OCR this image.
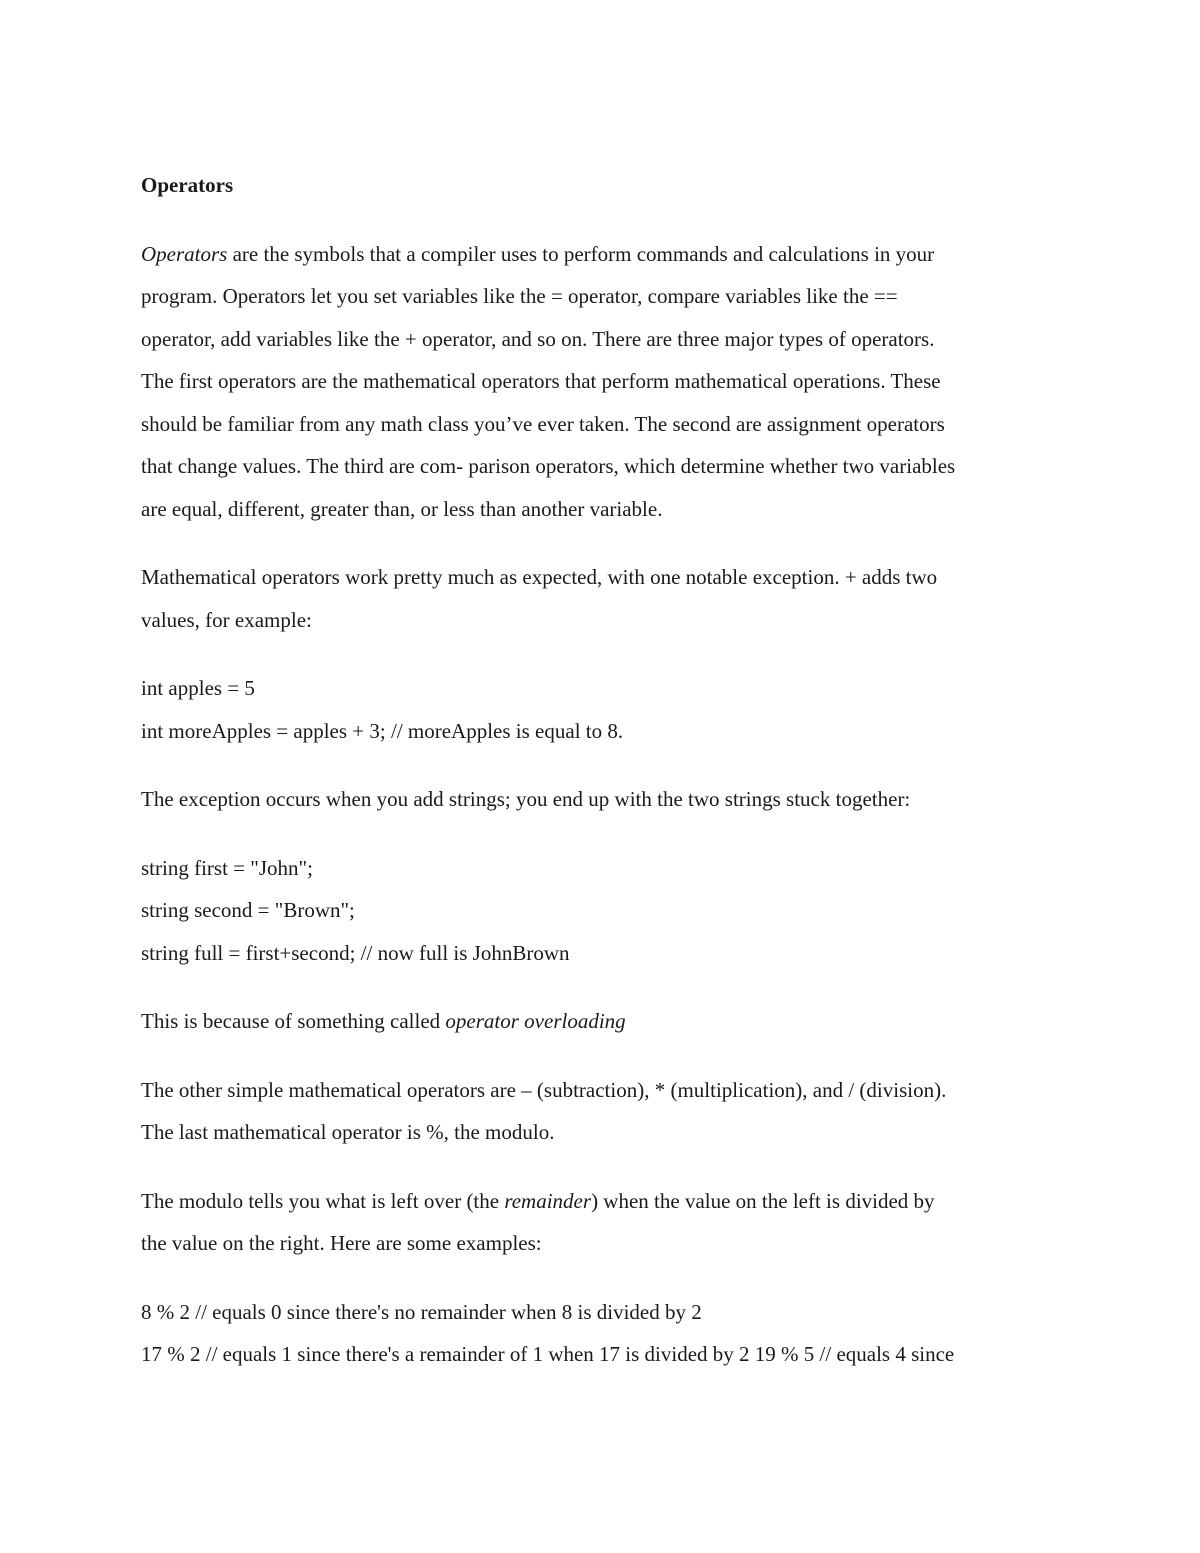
Operators

Operators are the symbols that a compiler uses to perform commands and calculations in your
program. Operators let you set variables like the = operator, compare variables like the ==
operator, add variables like the + operator, and so on. There are three major types of operators.
The first operators are the mathematical operators that perform mathematical operations. These
should be familiar from any math class you’ve ever taken. The second are assignment operators
that change values. The third are com- parison operators, which determine whether two variables
are equal, different, greater than, or less than another variable.

Mathematical operators work pretty much as expected, with one notable exception. + adds two
values, for example:

int apples = 5
int moreApples = apples + 3; // moreApples is equal to 8.

The exception occurs when you add strings; you end up with the two strings stuck together:

string first = "John";
string second = "Brown";
string full = first+second; // now full is JohnBrown

This is because of something called operator overloading

The other simple mathematical operators are – (subtraction), * (multiplication), and / (division).
The last mathematical operator is %, the modulo.

The modulo tells you what is left over (the remainder) when the value on the left is divided by
the value on the right. Here are some examples:

8 % 2 // equals 0 since there's no remainder when 8 is divided by 2
17 % 2 // equals 1 since there's a remainder of 1 when 17 is divided by 2 19 % 5 // equals 4 since
